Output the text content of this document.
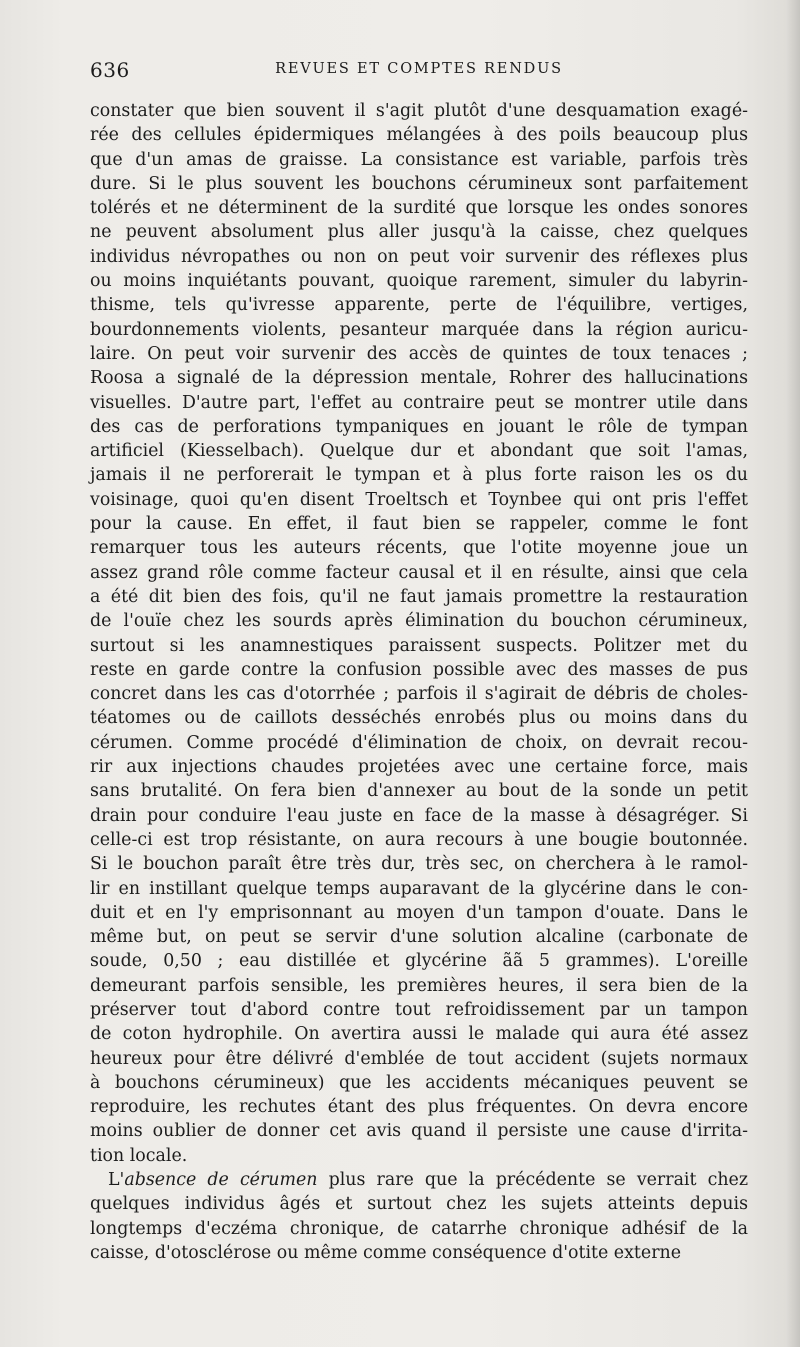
636	REVUES ET COMPTES RENDUS
constater que bien souvent il s'agit plutôt d'une desquamation exagé-
rée des cellules épidermiques mélangées à des poils beaucoup plus
que d'un amas de graisse. La consistance est variable, parfois très
dure. Si le plus souvent les bouchons cérumineux sont parfaitement
tolérés et ne déterminent de la surdité que lorsque les ondes sonores
ne peuvent absolument plus aller jusqu'à la caisse, chez quelques
individus névropathes ou non on peut voir survenir des réflexes plus
ou moins inquiétants pouvant, quoique rarement, simuler du labyrin-
thisme, tels qu'ivresse apparente, perte de l'équilibre, vertiges,
bourdonnements violents, pesanteur marquée dans la région auricu-
laire. On peut voir survenir des accès de quintes de toux tenaces ;
Roosa a signalé de la dépression mentale, Rohrer des hallucinations
visuelles. D'autre part, l'effet au contraire peut se montrer utile dans
des cas de perforations tympaniques en jouant le rôle de tympan
artificiel (Kiesselbach). Quelque dur et abondant que soit l'amas,
jamais il ne perforerait le tympan et à plus forte raison les os du
voisinage, quoi qu'en disent Troeltsch et Toynbee qui ont pris l'effet
pour la cause. En effet, il faut bien se rappeler, comme le font
remarquer tous les auteurs récents, que l'otite moyenne joue un
assez grand rôle comme facteur causal et il en résulte, ainsi que cela
a été dit bien des fois, qu'il ne faut jamais promettre la restauration
de l'ouïe chez les sourds après élimination du bouchon cérumineux,
surtout si les anamnestiques paraissent suspects. Politzer met du
reste en garde contre la confusion possible avec des masses de pus
concret dans les cas d'otorrhée ; parfois il s'agirait de débris de choles-
téatomes ou de caillots desséchés enrobés plus ou moins dans du
cérumen. Comme procédé d'élimination de choix, on devrait recou-
rir aux injections chaudes projetées avec une certaine force, mais
sans brutalité. On fera bien d'annexer au bout de la sonde un petit
drain pour conduire l'eau juste en face de la masse à désagréger. Si
celle-ci est trop résistante, on aura recours à une bougie boutonnée.
Si le bouchon paraît être très dur, très sec, on cherchera à le ramol-
lir en instillant quelque temps auparavant de la glycérine dans le con-
duit et en l'y emprisonnant au moyen d'un tampon d'ouate. Dans le
même but, on peut se servir d'une solution alcaline (carbonate de
soude, 0,50 ; eau distillée et glycérine ãã 5 grammes). L'oreille
demeurant parfois sensible, les premières heures, il sera bien de la
préserver tout d'abord contre tout refroidissement par un tampon
de coton hydrophile. On avertira aussi le malade qui aura été assez
heureux pour être délivré d'emblée de tout accident (sujets normaux
à bouchons cérumineux) que les accidents mécaniques peuvent se
reproduire, les rechutes étant des plus fréquentes. On devra encore
moins oublier de donner cet avis quand il persiste une cause d'irrita-
tion locale.
L'absence de cérumen plus rare que la précédente se verrait chez
quelques individus âgés et surtout chez les sujets atteints depuis
longtemps d'eczéma chronique, de catarrhe chronique adhésif de la
caisse, d'otosclérose ou même comme conséquence d'otite externe
